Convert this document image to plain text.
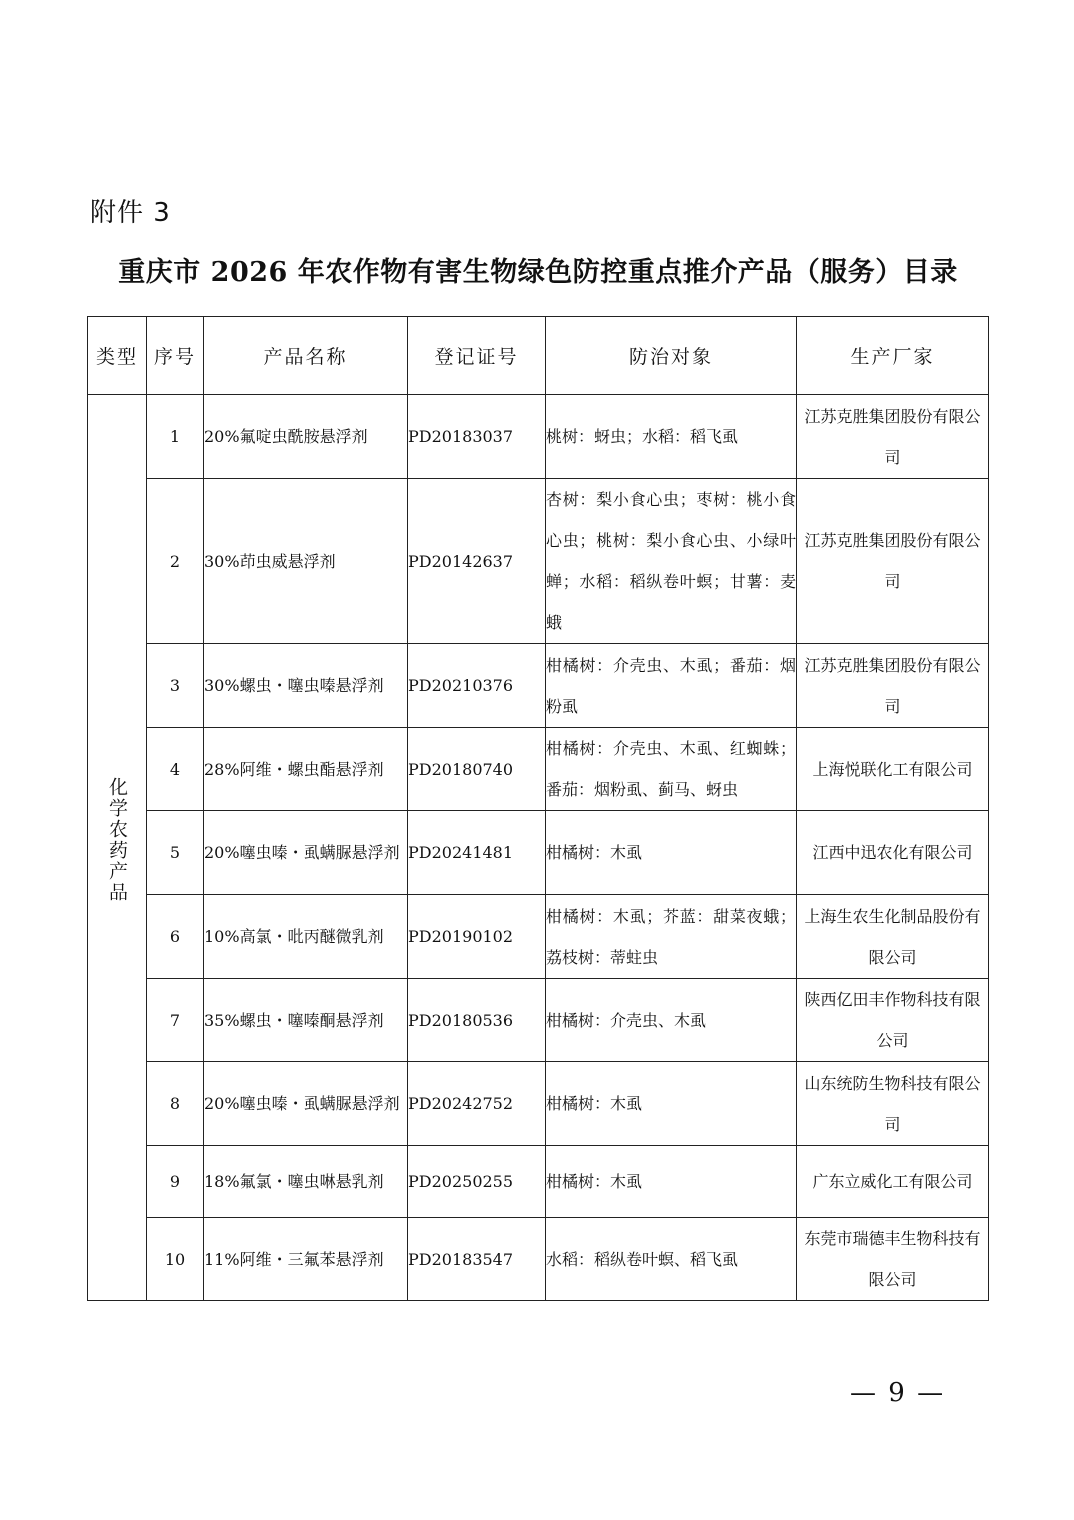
附件 3
重庆市 2026 年农作物有害生物绿色防控重点推介产品（服务）目录
类型	序号	产品名称	登记证号	防治对象	生产厂家
化学农药产品	1	20%氟啶虫酰胺悬浮剂	PD20183037	桃树：蚜虫；水稻：稻飞虱	江苏克胜集团股份有限公司
	2	30%茚虫威悬浮剂	PD20142637	杏树：梨小食心虫；枣树：桃小食心虫；桃树：梨小食心虫、小绿叶蝉；水稻：稻纵卷叶螟；甘薯：麦蛾	江苏克胜集团股份有限公司
	3	30%螺虫・噻虫嗪悬浮剂	PD20210376	柑橘树：介壳虫、木虱；番茄：烟粉虱	江苏克胜集团股份有限公司
	4	28%阿维・螺虫酯悬浮剂	PD20180740	柑橘树：介壳虫、木虱、红蜘蛛；番茄：烟粉虱、蓟马、蚜虫	上海悦联化工有限公司
	5	20%噻虫嗪・虱螨脲悬浮剂	PD20241481	柑橘树：木虱	江西中迅农化有限公司
	6	10%高氯・吡丙醚微乳剂	PD20190102	柑橘树：木虱；芥蓝：甜菜夜蛾；荔枝树：蒂蛀虫	上海生农生化制品股份有限公司
	7	35%螺虫・噻嗪酮悬浮剂	PD20180536	柑橘树：介壳虫、木虱	陕西亿田丰作物科技有限公司
	8	20%噻虫嗪・虱螨脲悬浮剂	PD20242752	柑橘树：木虱	山东统防生物科技有限公司
	9	18%氟氯・噻虫啉悬乳剂	PD20250255	柑橘树：木虱	广东立威化工有限公司
	10	11%阿维・三氟苯悬浮剂	PD20183547	水稻：稻纵卷叶螟、稻飞虱	东莞市瑞德丰生物科技有限公司
— 9 —
